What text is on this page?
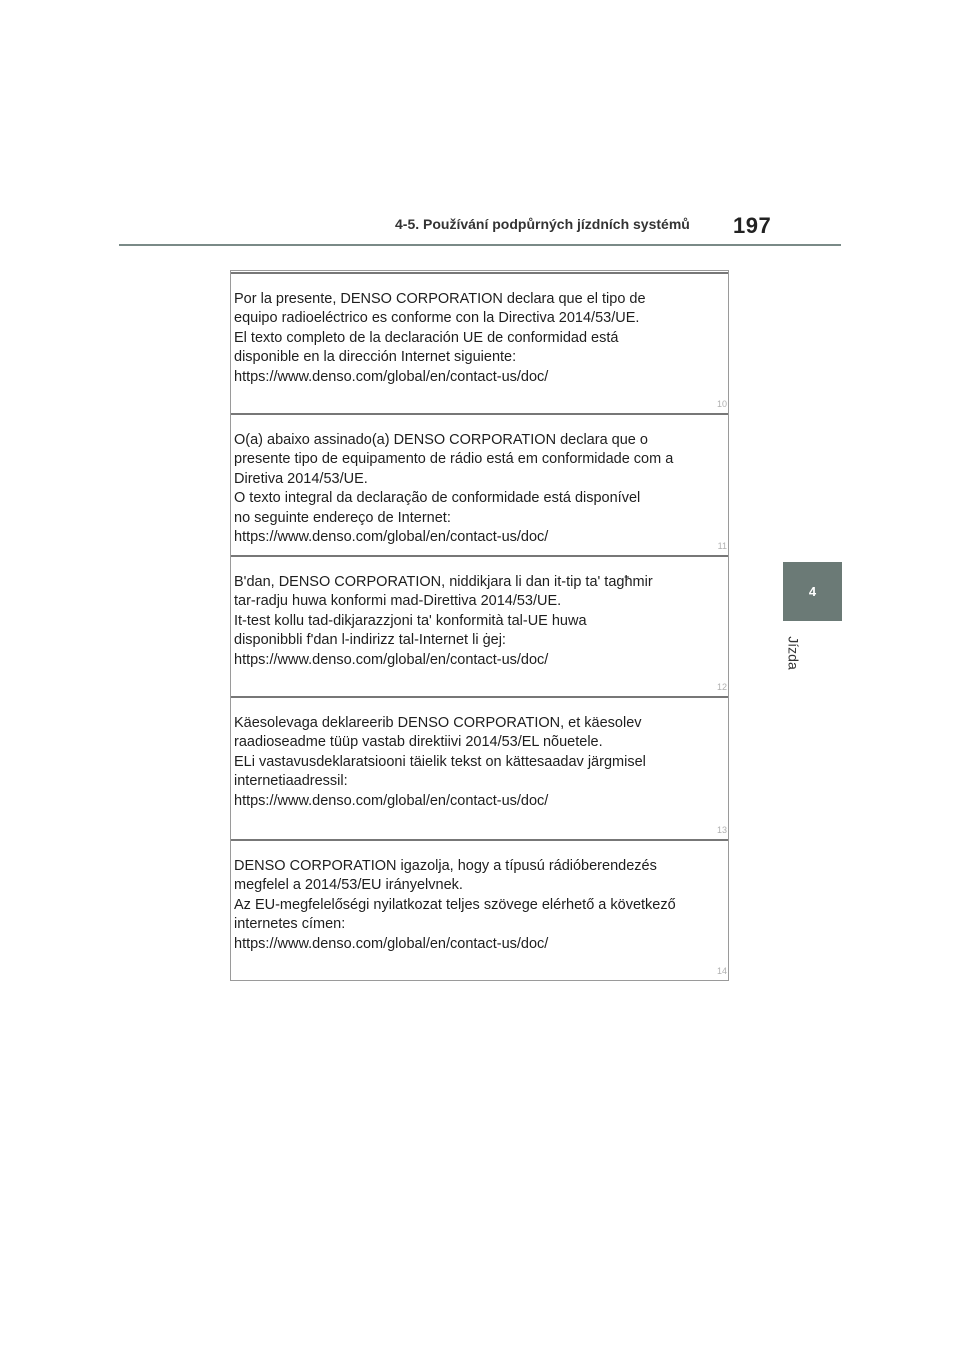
4-5. Používání podpůrných jízdních systémů 197
4
Jízda
Por la presente, DENSO CORPORATION declara que el tipo de
equipo radioeléctrico es conforme con la Directiva 2014/53/UE.
El texto completo de la declaración UE de conformidad está
disponible en la dirección Internet siguiente:
https://www.denso.com/global/en/contact-us/doc/
10
O(a) abaixo assinado(a) DENSO CORPORATION declara que o
presente tipo de equipamento de rádio está em conformidade com a
Diretiva 2014/53/UE.
O texto integral da declaração de conformidade está disponível
no seguinte endereço de Internet:
https://www.denso.com/global/en/contact-us/doc/
11
B'dan, DENSO CORPORATION, niddikjara li dan it-tip ta' tagħmir
tar-radju huwa konformi mad-Direttiva 2014/53/UE.
It-test kollu tad-dikjarazzjoni ta' konformità tal-UE huwa
disponibbli f'dan l-indirizz tal-Internet li ġej:
https://www.denso.com/global/en/contact-us/doc/
12
Käesolevaga deklareerib DENSO CORPORATION, et käesolev
raadioseadme tüüp vastab direktiivi 2014/53/EL nõuetele.
ELi vastavusdeklaratsiooni täielik tekst on kättesaadav järgmisel
internetiaadressil:
https://www.denso.com/global/en/contact-us/doc/
13
DENSO CORPORATION igazolja, hogy a típusú rádióberendezés
megfelel a 2014/53/EU irányelvnek.
Az EU-megfelelőségi nyilatkozat teljes szövege elérhető a következő
internetes címen:
https://www.denso.com/global/en/contact-us/doc/
14
